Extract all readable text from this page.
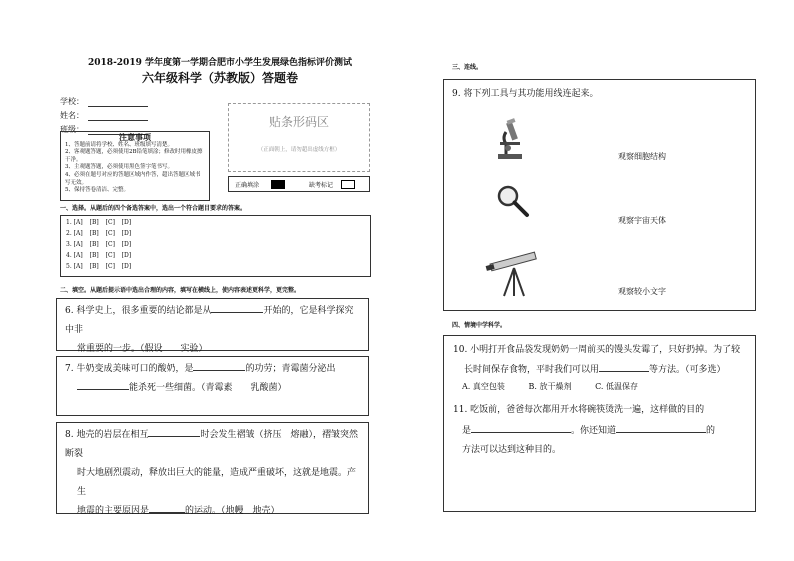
2018-2019 学年度第一学期合肥市小学生发展绿色指标评价测试
六年级科学（苏教版）答题卷
学校：
姓名：
班级：
注意事项
1、答题前请将学校、姓名、班级填写清楚。
2、客观题答题，必须使用2B铅笔填涂；修改时用橡皮擦干净。
3、主观题答题，必须使用黑色签字笔书写。
4、必须在题号对应的答题区域内作答，超出答题区域书写无效。
5、保持答卷清洁、完整。
贴条形码区
（正面朝上，请勿超出虚线方框）
正确填涂	缺考标记
一、选择。从题后的四个备选答案中，选出一个符合题目要求的答案。
1. [A] [B] [C] [D]
2. [A] [B] [C] [D]
3. [A] [B] [C] [D]
4. [A] [B] [C] [D]
5. [A] [B] [C] [D]
二、填空。从题后提示语中选出合理的内容，填写在横线上，使内容表述更科学，更完整。
6. 科学史上，很多重要的结论都是从	开始的，它是科学探究中非
常重要的一步。（假设　　实验）
7. 牛奶变成美味可口的酸奶，是	的功劳；青霉菌分泌出
能杀死一些细菌。（青霉素　　乳酸菌）
8. 地壳的岩层在相互	时会发生褶皱（挤压　熔融），褶皱突然断裂
时大地剧烈震动，释放出巨大的能量，造成严重破坏，这就是地震。产生
地震的主要原因是	的运动。（地幔　地壳）
三、连线。
9. 将下列工具与其功能用线连起来。
观察细胞结构
观察宇宙天体
观察较小文字
四、情境中学科学。
10. 小明打开食品袋发现奶奶一周前买的馒头发霉了，只好扔掉。为了较
长时间保存食物，平时我们可以用	等方法。（可多选）
A. 真空包装	B. 放干燥剂	C. 低温保存
11. 吃饭前，爸爸每次都用开水将碗筷烫洗一遍，这样做的目的
是	。你还知道	的
方法可以达到这种目的。
